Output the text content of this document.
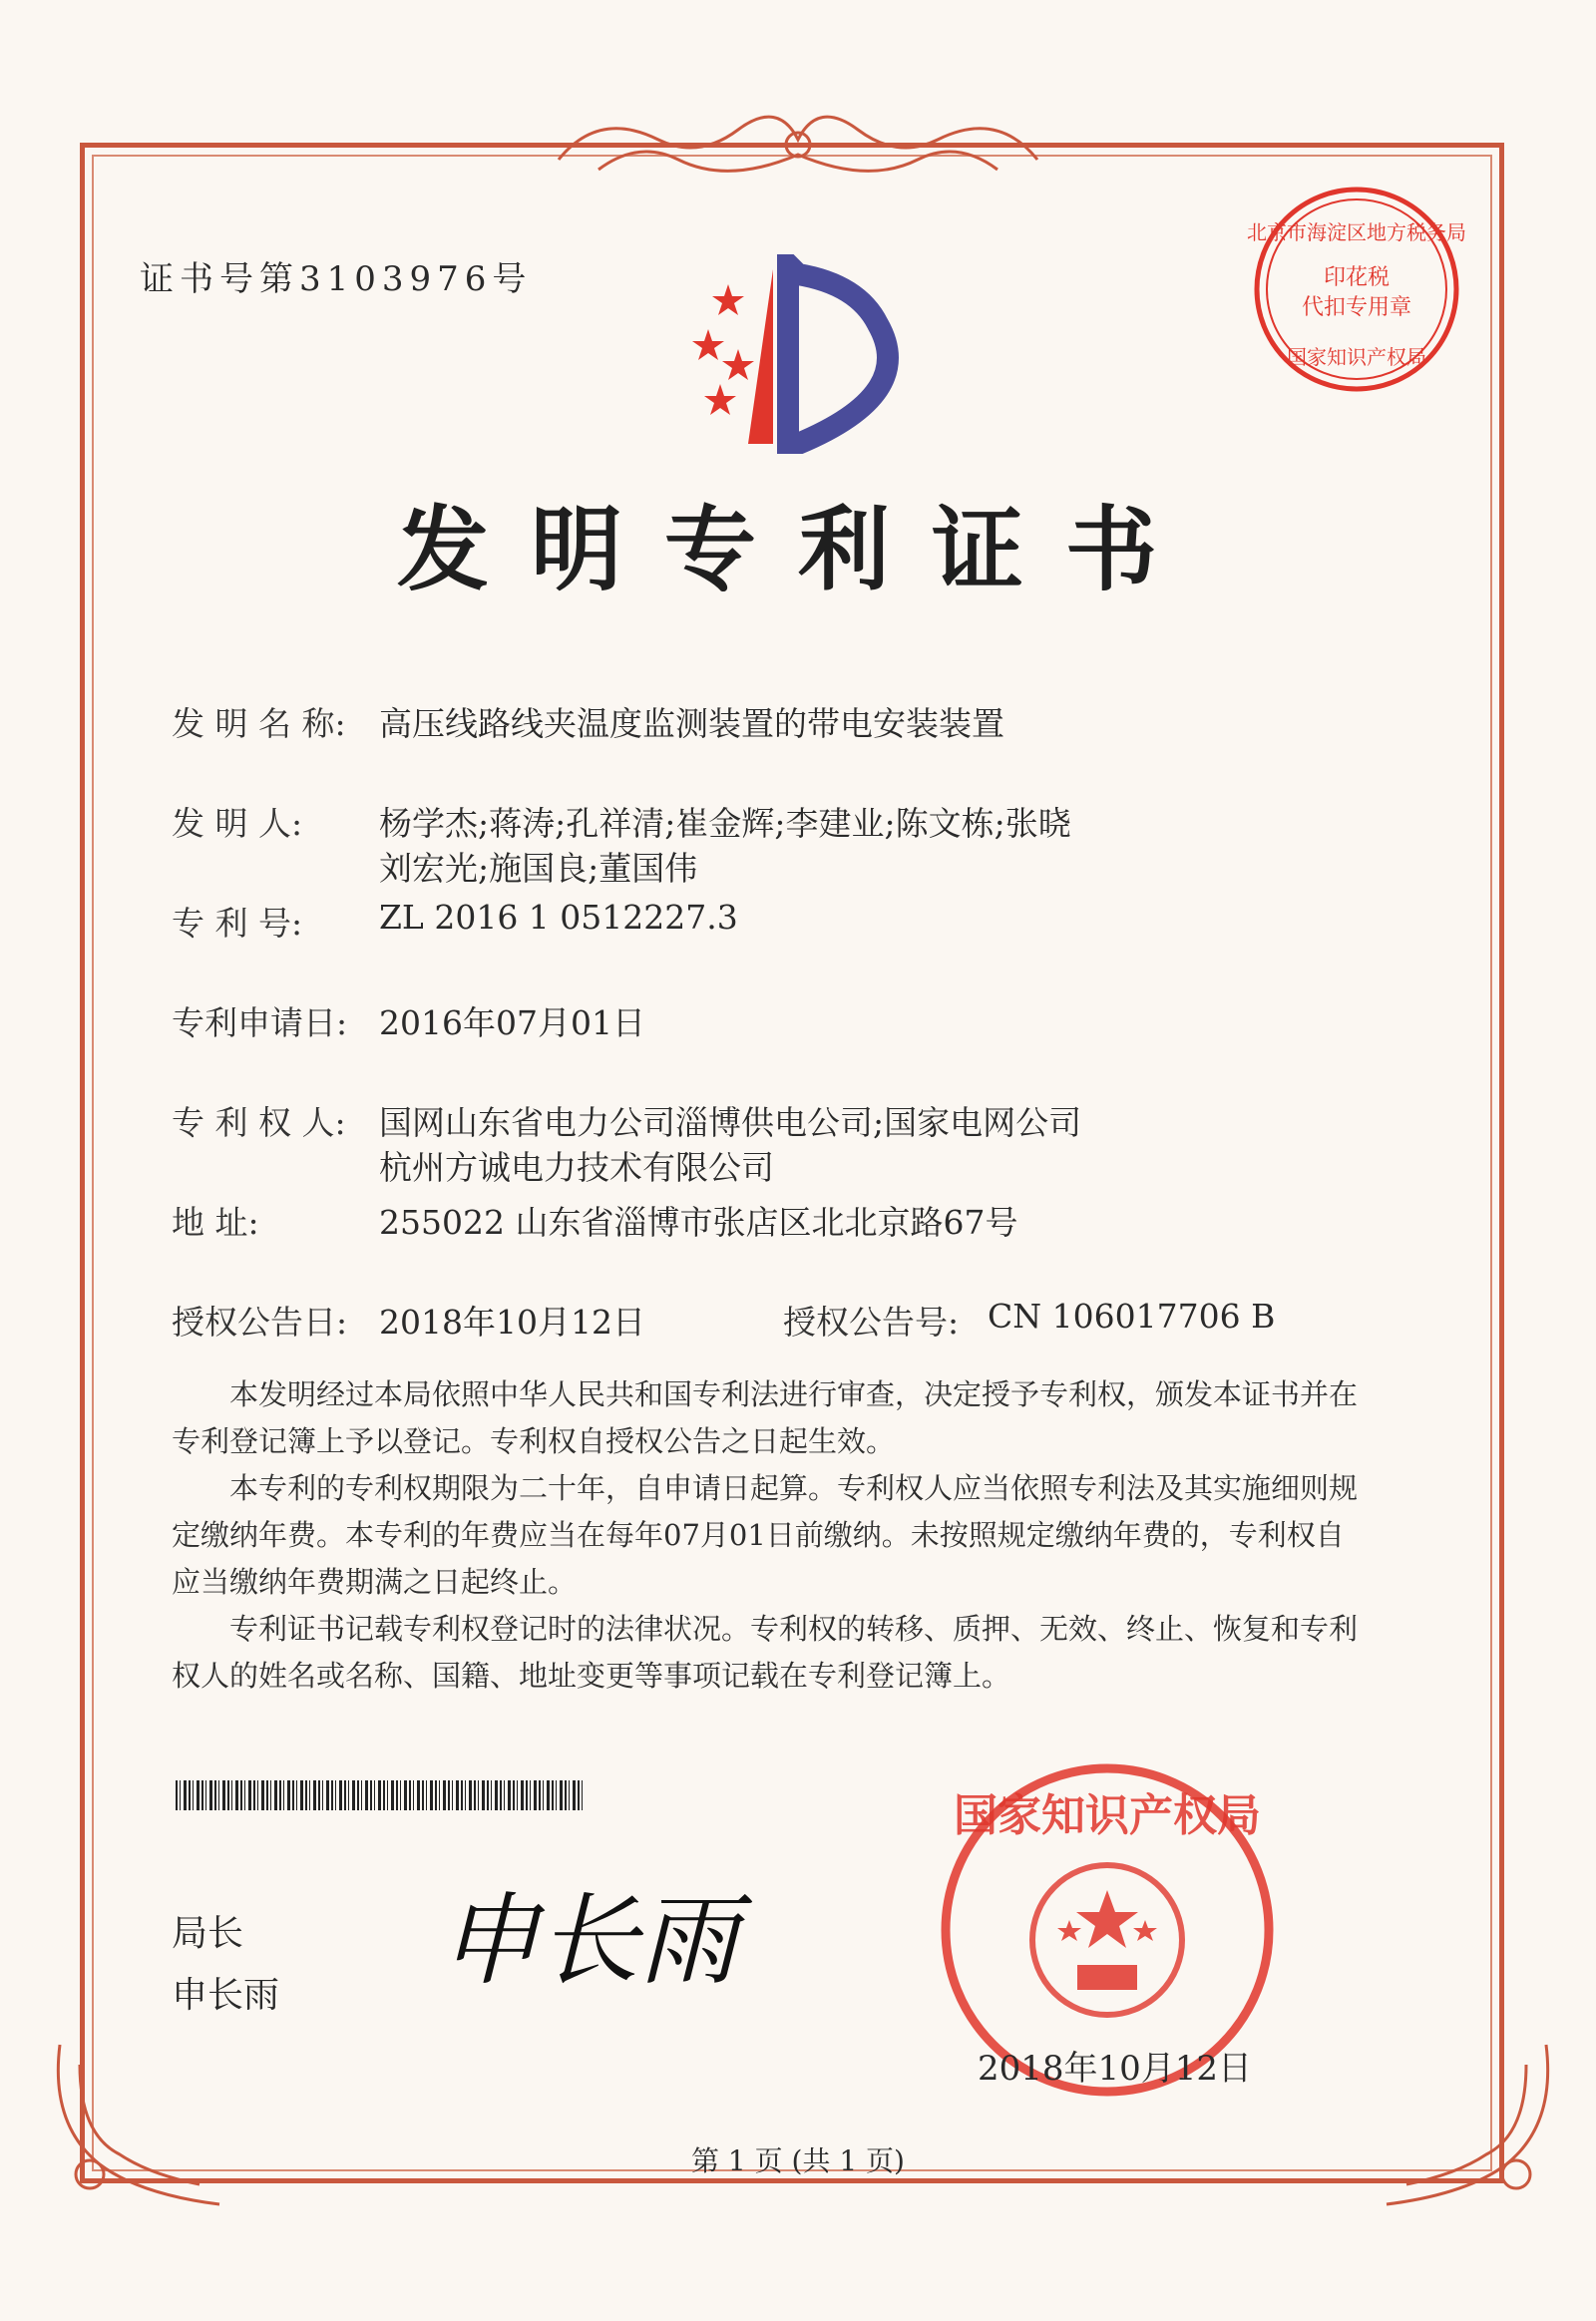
证书号第3103976号
北京市海淀区地方税务局
印花税
代扣专用章
国家知识产权局
发明专利证书
发 明 名 称: 高压线路线夹温度监测装置的带电安装装置
发 明 人: 杨学杰;蒋涛;孔祥清;崔金辉;李建业;陈文栋;张晓
刘宏光;施国良;董国伟
专 利 号: ZL 2016 1 0512227.3
专利申请日: 2016年07月01日
专 利 权 人: 国网山东省电力公司淄博供电公司;国家电网公司
杭州方诚电力技术有限公司
地 址:	255022 山东省淄博市张店区北北京路67号
授权公告日: 2018年10月12日	授权公告号: CN 106017706 B

本发明经过本局依照中华人民共和国专利法进行审查，决定授予专利权，颁发本证书并在专利登记簿上予以登记。专利权自授权公告之日起生效。

本专利的专利权期限为二十年，自申请日起算。专利权人应当依照专利法及其实施细则规定缴纳年费。本专利的年费应当在每年07月01日前缴纳。未按照规定缴纳年费的，专利权自应当缴纳年费期满之日起终止。

专利证书记载专利权登记时的法律状况。专利权的转移、质押、无效、终止、恢复和专利权人的姓名或名称、国籍、地址变更等事项记载在专利登记簿上。

局长
申长雨 申长雨
国家知识产权局
2018年10月12日
第 1 页 (共 1 页)
